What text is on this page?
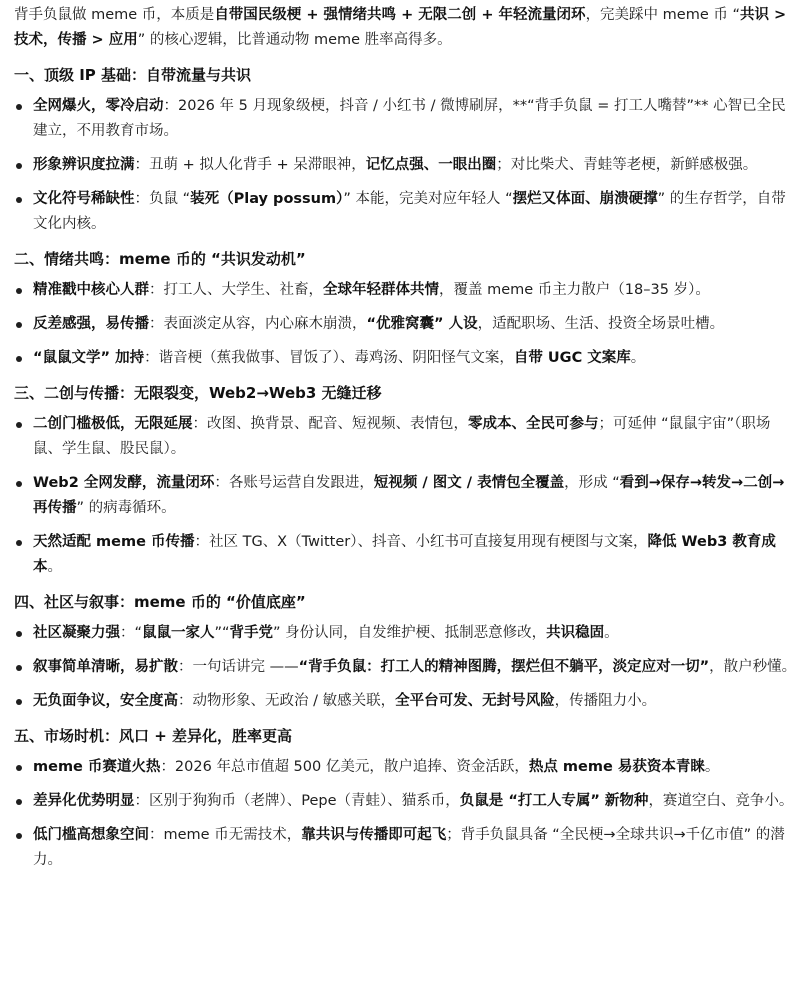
背手负鼠做 meme 币，本质是自带国民级梗 + 强情绪共鸣 + 无限二创 + 年轻流量闭环，完美踩中 meme 币 “共识 > 技术，传播 > 应用” 的核心逻辑，比普通动物 meme 胜率高得多。

一、顶级 IP 基础：自带流量与共识
全网爆火，零冷启动：2026 年 5 月现象级梗，抖音 / 小红书 / 微博刷屏，**“背手负鼠 = 打工人嘴替”** 心智已全民建立，不用教育市场。
形象辨识度拉满：丑萌 + 拟人化背手 + 呆滞眼神，记忆点强、一眼出圈；对比柴犬、青蛙等老梗，新鲜感极强。
文化符号稀缺性：负鼠 “装死（Play possum）” 本能，完美对应年轻人 “摆烂又体面、崩溃硬撑” 的生存哲学，自带文化内核。
二、情绪共鸣：meme 币的 “共识发动机”
精准戳中核心人群：打工人、大学生、社畜，全球年轻群体共情，覆盖 meme 币主力散户（18–35 岁）。
反差感强，易传播：表面淡定从容，内心麻木崩溃，“优雅窝囊” 人设，适配职场、生活、投资全场景吐槽。
“鼠鼠文学” 加持：谐音梗（蕉我做事、冒饭了）、毒鸡汤、阴阳怪气文案，自带 UGC 文案库。
三、二创与传播：无限裂变，Web2→Web3 无缝迁移
二创门槛极低，无限延展：改图、换背景、配音、短视频、表情包，零成本、全民可参与；可延伸 “鼠鼠宇宙”（职场鼠、学生鼠、股民鼠）。
Web2 全网发酵，流量闭环：各账号运营自发跟进，短视频 / 图文 / 表情包全覆盖，形成 “看到→保存→转发→二创→再传播” 的病毒循环。
天然适配 meme 币传播：社区 TG、X（Twitter）、抖音、小红书可直接复用现有梗图与文案，降低 Web3 教育成本。
四、社区与叙事：meme 币的 “价值底座”
社区凝聚力强：“鼠鼠一家人”“背手党” 身份认同，自发维护梗、抵制恶意修改，共识稳固。
叙事简单清晰，易扩散：一句话讲完 ——“背手负鼠：打工人的精神图腾，摆烂但不躺平，淡定应对一切”，散户秒懂。
无负面争议，安全度高：动物形象、无政治 / 敏感关联，全平台可发、无封号风险，传播阻力小。
五、市场时机：风口 + 差异化，胜率更高
meme 币赛道火热：2026 年总市值超 500 亿美元，散户追捧、资金活跃，热点 meme 易获资本青睐。
差异化优势明显：区别于狗狗币（老牌）、Pepe（青蛙）、猫系币，负鼠是 “打工人专属” 新物种，赛道空白、竞争小。
低门槛高想象空间：meme 币无需技术，靠共识与传播即可起飞；背手负鼠具备 “全民梗→全球共识→千亿市值” 的潜力。
